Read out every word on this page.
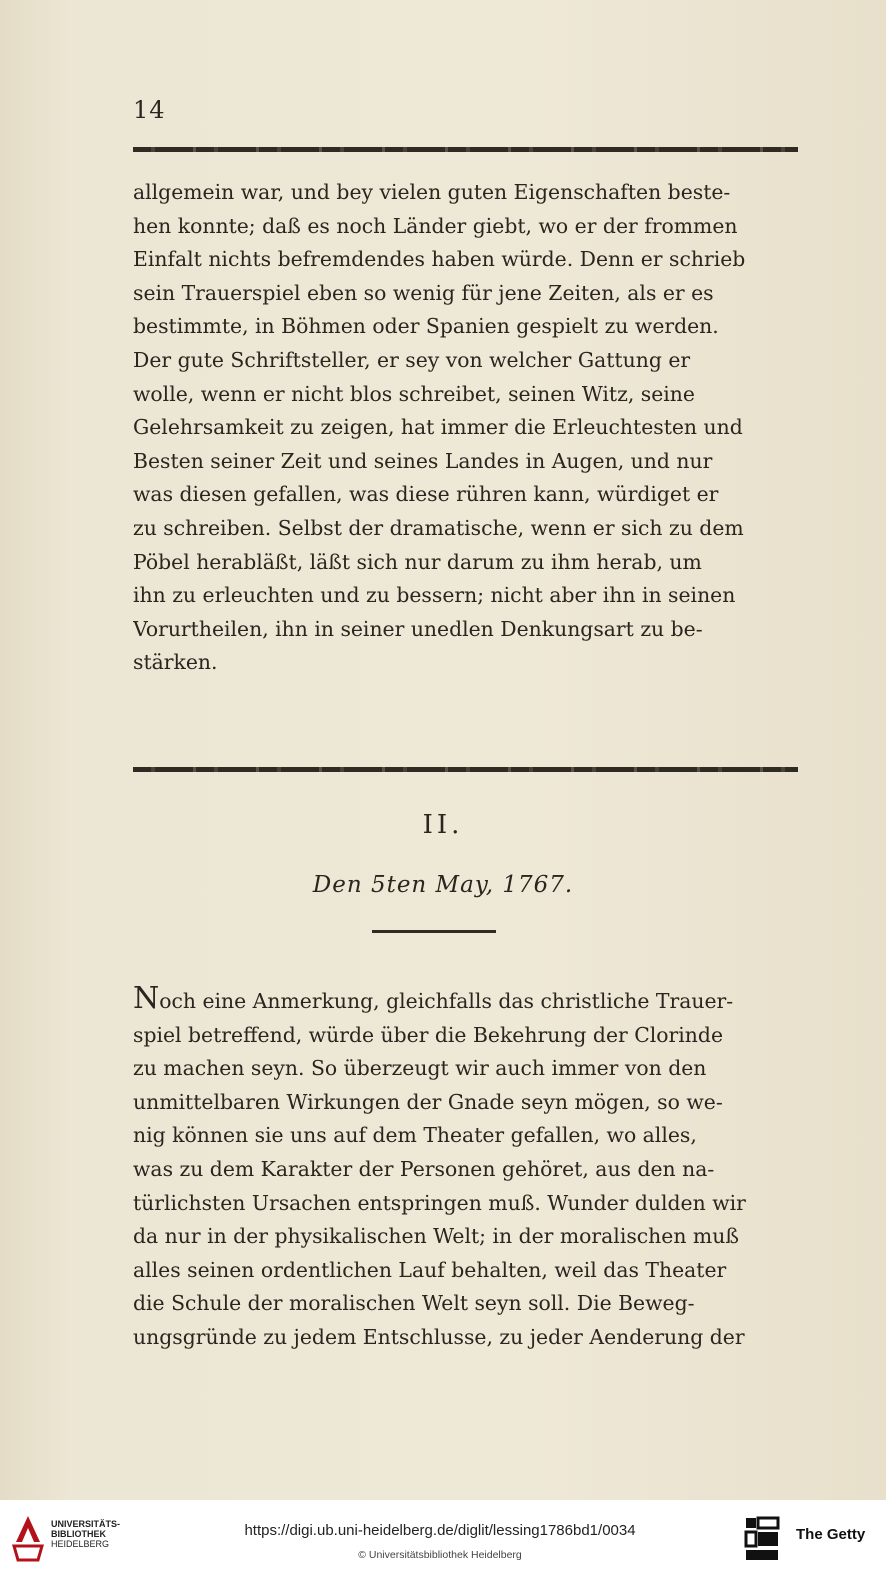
14
allgemein war, und bey vielen guten Eigenschaften beste-
hen konnte; daß es noch Länder giebt, wo er der frommen
Einfalt nichts befremdendes haben würde. Denn er schrieb
sein Trauerspiel eben so wenig für jene Zeiten, als er es
bestimmte, in Böhmen oder Spanien gespielt zu werden.
Der gute Schriftsteller, er sey von welcher Gattung er
wolle, wenn er nicht blos schreibet, seinen Witz, seine
Gelehrsamkeit zu zeigen, hat immer die Erleuchtesten und
Besten seiner Zeit und seines Landes in Augen, und nur
was diesen gefallen, was diese rühren kann, würdiget er
zu schreiben. Selbst der dramatische, wenn er sich zu dem
Pöbel herabläßt, läßt sich nur darum zu ihm herab, um
ihn zu erleuchten und zu bessern; nicht aber ihn in seinen
Vorurtheilen, ihn in seiner unedlen Denkungsart zu be-
stärken.
II.
Den 5ten May, 1767.
Noch eine Anmerkung, gleichfalls das christliche Trauer-
spiel betreffend, würde über die Bekehrung der Clorinde
zu machen seyn. So überzeugt wir auch immer von den
unmittelbaren Wirkungen der Gnade seyn mögen, so we-
nig können sie uns auf dem Theater gefallen, wo alles,
was zu dem Karakter der Personen gehöret, aus den na-
türlichsten Ursachen entspringen muß. Wunder dulden wir
da nur in der physikalischen Welt; in der moralischen muß
alles seinen ordentlichen Lauf behalten, weil das Theater
die Schule der moralischen Welt seyn soll. Die Beweg-
ungsgründe zu jedem Entschlusse, zu jeder Aenderung der
UNIVERSITÄTS-
BIBLIOTHEK
HEIDELBERG
https://digi.ub.uni-heidelberg.de/diglit/lessing1786bd1/0034
© Universitätsbibliothek Heidelberg
The Getty
